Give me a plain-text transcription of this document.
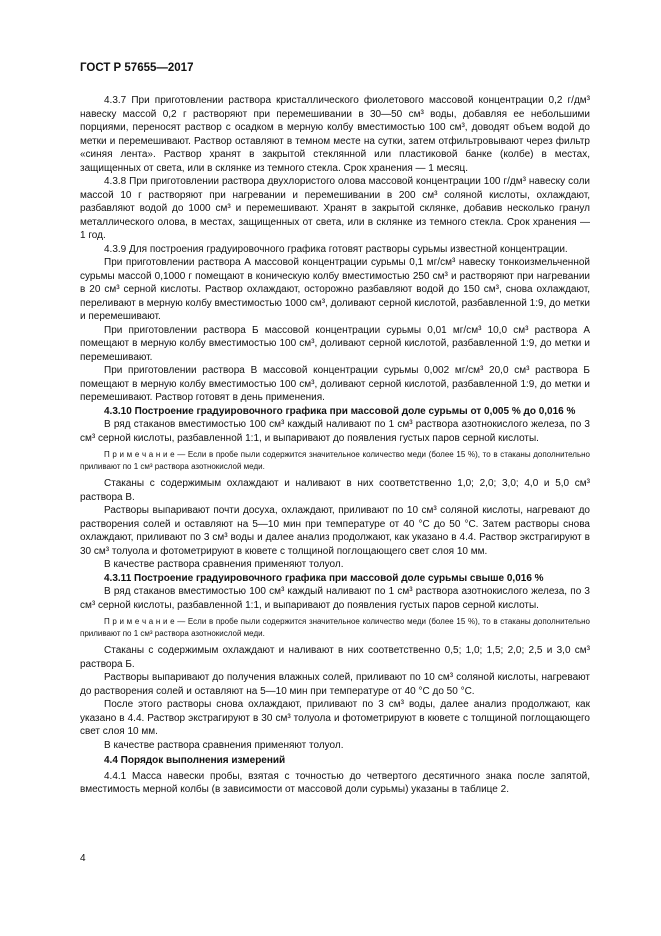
ГОСТ Р 57655—2017

4.3.7 При приготовлении раствора кристаллического фиолетового массовой концентрации 0,2 г/дм³ навеску массой 0,2 г растворяют при перемешивании в 30—50 см³ воды, добавляя ее небольшими порциями, переносят раствор с осадком в мерную колбу вместимостью 100 см³, доводят объем водой до метки и перемешивают. Раствор оставляют в темном месте на сутки, затем отфильтровывают через фильтр «синяя лента». Раствор хранят в закрытой стеклянной или пластиковой банке (колбе) в местах, защищенных от света, или в склянке из темного стекла. Срок хранения — 1 месяц.

4.3.8 При приготовлении раствора двухлористого олова массовой концентрации 100 г/дм³ навеску соли массой 10 г растворяют при нагревании и перемешивании в 200 см³ соляной кислоты, охлаждают, разбавляют водой до 1000 см³ и перемешивают. Хранят в закрытой склянке, добавив несколько гранул металлического олова, в местах, защищенных от света, или в склянке из темного стекла. Срок хранения — 1 год.

4.3.9 Для построения градуировочного графика готовят растворы сурьмы известной концентрации.

При приготовлении раствора А массовой концентрации сурьмы 0,1 мг/см³ навеску тонкоизмельченной сурьмы массой 0,1000 г помещают в коническую колбу вместимостью 250 см³ и растворяют при нагревании в 20 см³ серной кислоты. Раствор охлаждают, осторожно разбавляют водой до 150 см³, снова охлаждают, переливают в мерную колбу вместимостью 1000 см³, доливают серной кислотой, разбавленной 1:9, до метки и перемешивают.

При приготовлении раствора Б массовой концентрации сурьмы 0,01 мг/см³ 10,0 см³ раствора А помещают в мерную колбу вместимостью 100 см³, доливают серной кислотой, разбавленной 1:9, до метки и перемешивают.

При приготовлении раствора В массовой концентрации сурьмы 0,002 мг/см³ 20,0 см³ раствора Б помещают в мерную колбу вместимостью 100 см³, доливают серной кислотой, разбавленной 1:9, до метки и перемешивают. Раствор готовят в день применения.

4.3.10 Построение градуировочного графика при массовой доле сурьмы от 0,005 % до 0,016 %

В ряд стаканов вместимостью 100 см³ каждый наливают по 1 см³ раствора азотнокислого железа, по 3 см³ серной кислоты, разбавленной 1:1, и выпаривают до появления густых паров серной кислоты.

П р и м е ч а н и е — Если в пробе пыли содержится значительное количество меди (более 15 %), то в стаканы дополнительно приливают по 1 см³ раствора азотнокислой меди.

Стаканы с содержимым охлаждают и наливают в них соответственно 1,0; 2,0; 3,0; 4,0 и 5,0 см³ раствора В.

Растворы выпаривают почти досуха, охлаждают, приливают по 10 см³ соляной кислоты, нагревают до растворения солей и оставляют на 5—10 мин при температуре от 40 °С до 50 °С. Затем растворы снова охлаждают, приливают по 3 см³ воды и далее анализ продолжают, как указано в 4.4. Раствор экстрагируют в 30 см³ толуола и фотометрируют в кювете с толщиной поглощающего свет слоя 10 мм.

В качестве раствора сравнения применяют толуол.

4.3.11 Построение градуировочного графика при массовой доле сурьмы свыше 0,016 %

В ряд стаканов вместимостью 100 см³ каждый наливают по 1 см³ раствора азотнокислого железа, по 3 см³ серной кислоты, разбавленной 1:1, и выпаривают до появления густых паров серной кислоты.

П р и м е ч а н и е — Если в пробе пыли содержится значительное количество меди (более 15 %), то в стаканы дополнительно приливают по 1 см³ раствора азотнокислой меди.

Стаканы с содержимым охлаждают и наливают в них соответственно 0,5; 1,0; 1,5; 2,0; 2,5 и 3,0 см³ раствора Б.

Растворы выпаривают до получения влажных солей, приливают по 10 см³ соляной кислоты, нагревают до растворения солей и оставляют на 5—10 мин при температуре от 40 °С до 50 °С.

После этого растворы снова охлаждают, приливают по 3 см³ воды, далее анализ продолжают, как указано в 4.4. Раствор экстрагируют в 30 см³ толуола и фотометрируют в кювете с толщиной поглощающего свет слоя 10 мм.

В качестве раствора сравнения применяют толуол.

4.4 Порядок выполнения измерений

4.4.1 Масса навески пробы, взятая с точностью до четвертого десятичного знака после запятой, вместимость мерной колбы (в зависимости от массовой доли сурьмы) указаны в таблице 2.

4
